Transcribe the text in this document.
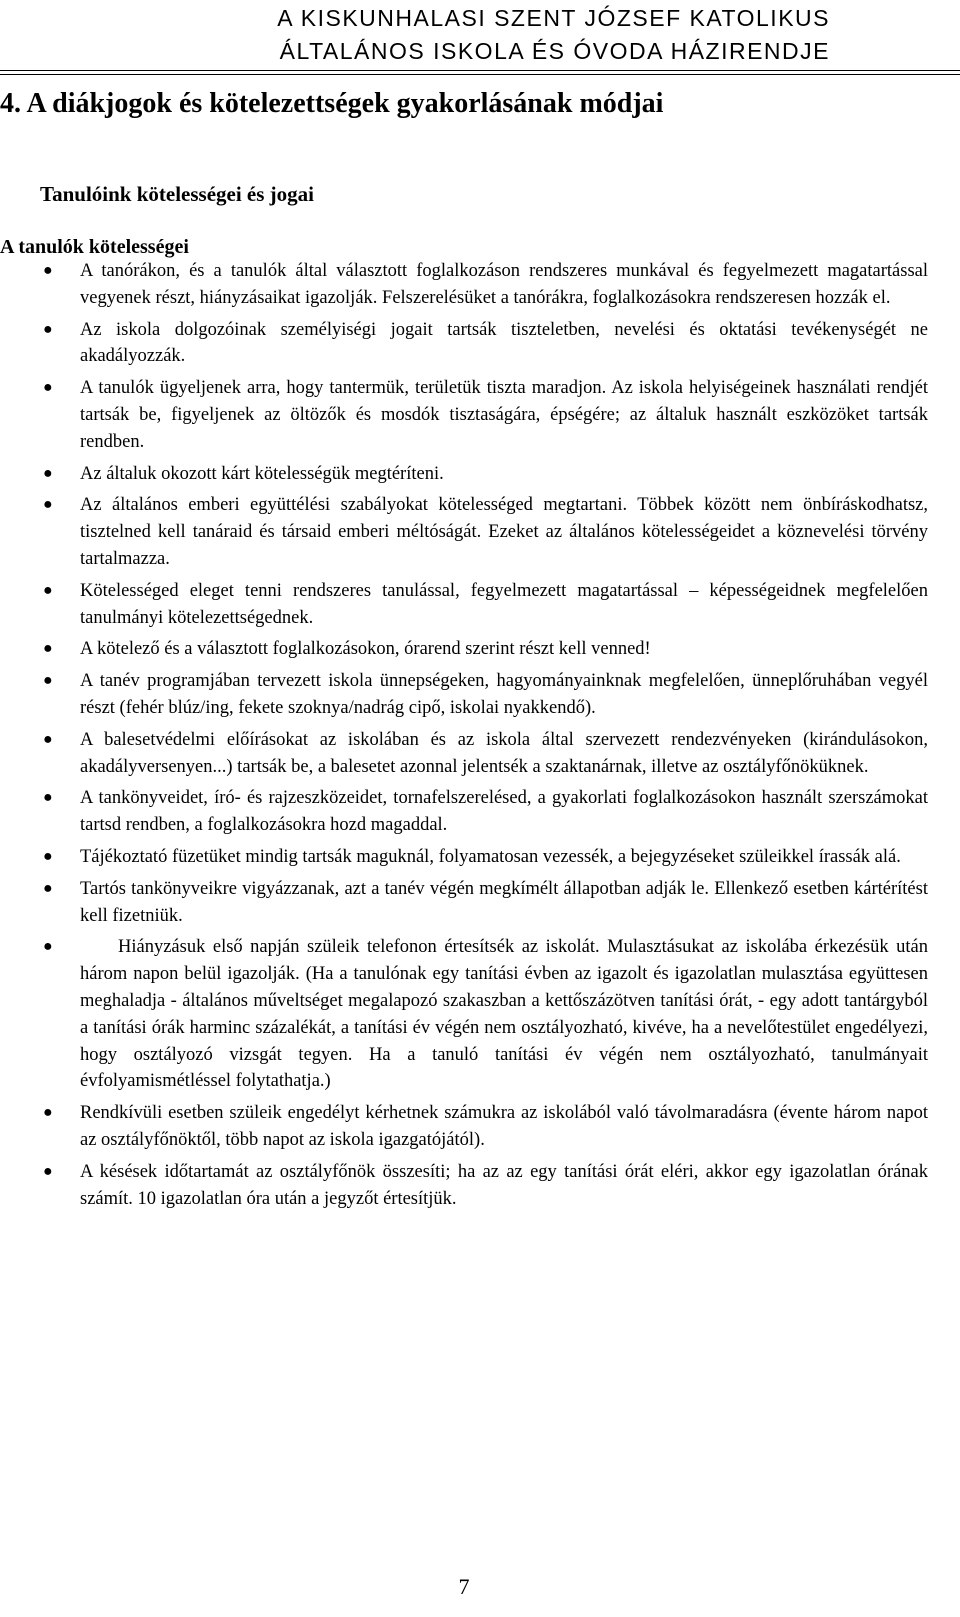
A KISKUNHALASI SZENT JÓZSEF KATOLIKUS
ÁLTALÁNOS ISKOLA ÉS ÓVODA HÁZIRENDJE
4. A diákjogok és kötelezettségek gyakorlásának módjai
Tanulóink kötelességei és jogai
A tanulók kötelességei
● A tanórákon, és a tanulók által választott foglalkozáson rendszeres munkával és fegyelmezett magatartással vegyenek részt, hiányzásaikat igazolják. Felszerelésüket a tanórákra, foglalkozásokra rendszeresen hozzák el.
● Az iskola dolgozóinak személyiségi jogait tartsák tiszteletben, nevelési és oktatási tevékenységét ne akadályozzák.
● A tanulók ügyeljenek arra, hogy tantermük, területük tiszta maradjon. Az iskola helyiségeinek használati rendjét tartsák be, figyeljenek az öltözők és mosdók tisztaságára, épségére; az általuk használt eszközöket tartsák rendben.
● Az általuk okozott kárt kötelességük megtéríteni.
● Az általános emberi együttélési szabályokat kötelességed megtartani. Többek között nem önbíráskodhatsz, tisztelned kell tanáraid és társaid emberi méltóságát. Ezeket az általános kötelességeidet a köznevelési törvény tartalmazza.
● Kötelességed eleget tenni rendszeres tanulással, fegyelmezett magatartással – képességeidnek megfelelően tanulmányi kötelezettségednek.
● A kötelező és a választott foglalkozásokon, órarend szerint részt kell venned!
● A tanév programjában tervezett iskola ünnepségeken, hagyományainknak megfelelően, ünneplőruhában vegyél részt (fehér blúz/ing, fekete szoknya/nadrág cipő, iskolai nyakkendő).
● A balesetvédelmi előírásokat az iskolában és az iskola által szervezett rendezvényeken (kirándulásokon, akadályversenyen...) tartsák be, a balesetet azonnal jelentsék a szaktanárnak, illetve az osztályfőnöküknek.
● A tankönyveidet, író- és rajzeszközeidet, tornafelszerelésed, a gyakorlati foglalkozásokon használt szerszámokat tartsd rendben, a foglalkozásokra hozd magaddal.
● Tájékoztató füzetüket mindig tartsák maguknál, folyamatosan vezessék, a bejegyzéseket szüleikkel írassák alá.
● Tartós tankönyveikre vigyázzanak, azt a tanév végén megkímélt állapotban adják le. Ellenkező esetben kártérítést kell fizetniük.
●	Hiányzásuk első napján szüleik telefonon értesítsék az iskolát. Mulasztásukat az iskolába érkezésük után három napon belül igazolják. (Ha a tanulónak egy tanítási évben az igazolt és igazolatlan mulasztása együttesen meghaladja - általános műveltséget megalapozó szakaszban a kettőszázötven tanítási órát, - egy adott tantárgyból a tanítási órák harminc százalékát, a tanítási év végén nem osztályozható, kivéve, ha a nevelőtestület engedélyezi, hogy osztályozó vizsgát tegyen. Ha a tanuló tanítási év végén nem osztályozható, tanulmányait évfolyamismétléssel folytathatja.)
● Rendkívüli esetben szüleik engedélyt kérhetnek számukra az iskolából való távolmaradásra (évente három napot az osztályfőnöktől, több napot az iskola igazgatójától).
● A késések időtartamát az osztályfőnök összesíti; ha az az egy tanítási órát eléri, akkor egy igazolatlan órának számít. 10 igazolatlan óra után a jegyzőt értesítjük.
7
